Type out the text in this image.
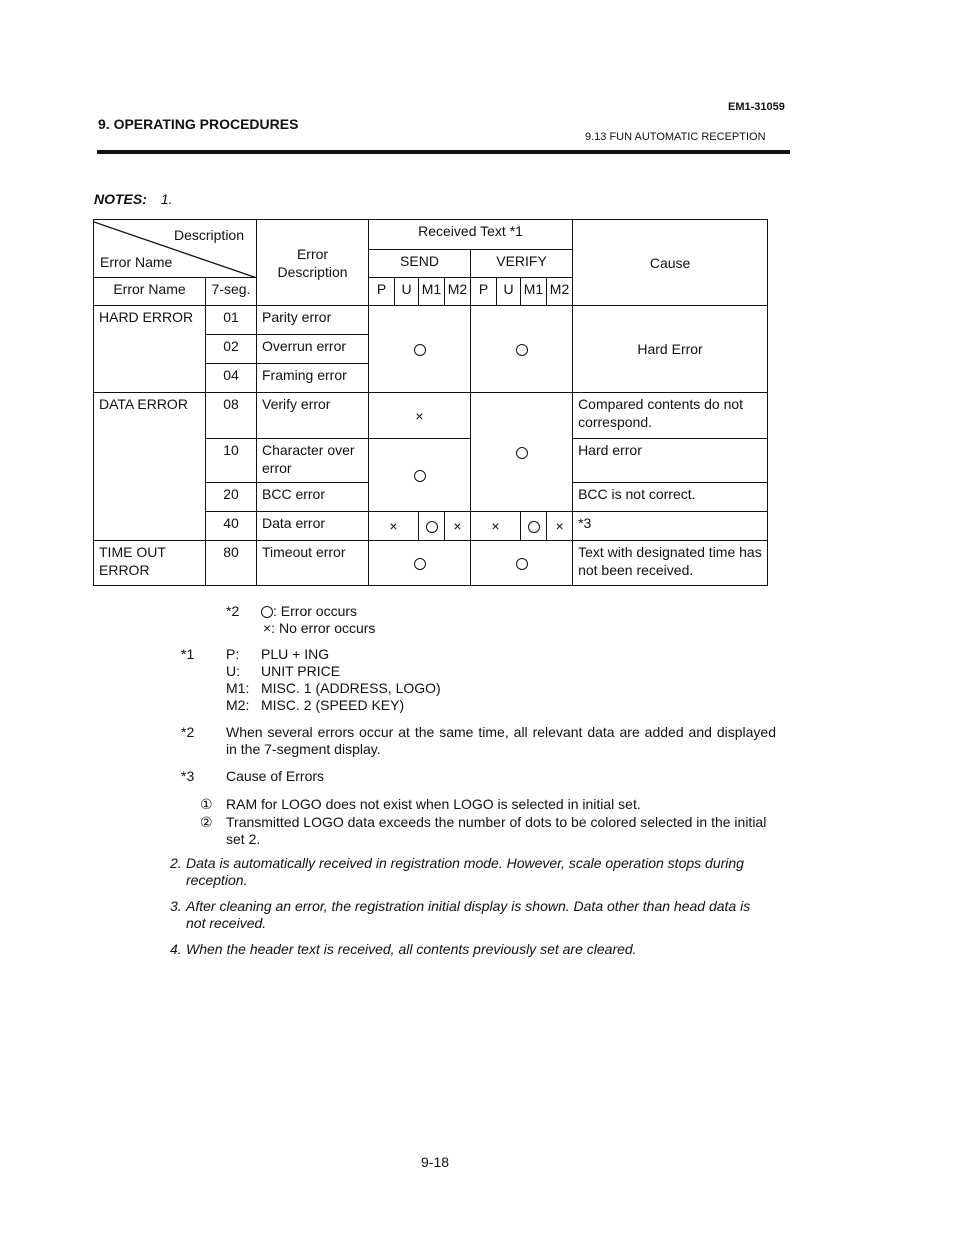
9. OPERATING PROCEDURES
EM1-31059
9.13 FUN AUTOMATIC RECEPTION
NOTES: 1.
Description
Error Name		Error Description	Received Text *1								Cause
			SEND				VERIFY				
Error Name	7-seg.		P	U	M1	M2	P	U	M1	M2	
HARD ERROR	01	Parity error									Hard Error
	02	Overrun error									
	04	Framing error									
DATA ERROR	08	Verify error	×								Compared contents do not correspond.
	10	Character over error									Hard error
	20	BCC error									BCC is not correct.
	40	Data error	×			×	×			×	*3
TIME OUT ERROR	80	Timeout error									Text with designated time has not been received.
*2	: Error occurs
×: No error occurs
*1 P: PLU + ING
U: UNIT PRICE
M1: MISC. 1 (ADDRESS, LOGO)
M2: MISC. 2 (SPEED KEY)
*2 When several errors occur at the same time, all relevant data are added and displayed in the 7-segment display.
*3 Cause of Errors
① RAM for LOGO does not exist when LOGO is selected in initial set.
② Transmitted LOGO data exceeds the number of dots to be colored selected in the initial set 2.
2. Data is automatically received in registration mode. However, scale operation stops during reception.
3. After cleaning an error, the registration initial display is shown. Data other than head data is not received.
4. When the header text is received, all contents previously set are cleared.
9-18
